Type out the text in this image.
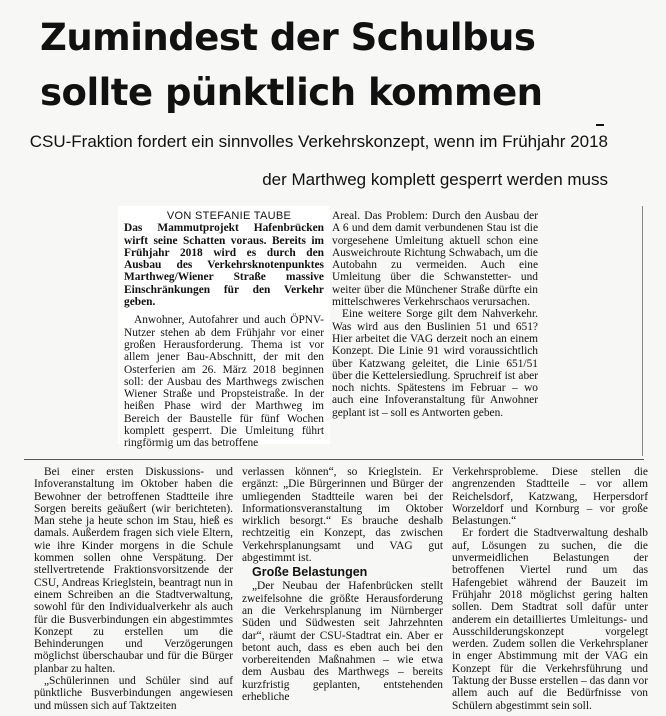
Zumindest der Schulbus
sollte pünktlich kommen

CSU-Fraktion fordert ein sinnvolles Verkehrskonzept, wenn im Frühjahr 2018

der Marthweg komplett gesperrt werden muss

VON STEFANIE TAUBE

Das Mammutprojekt Hafenbrücken wirft seine Schatten voraus. Bereits im Frühjahr 2018 wird es durch den Ausbau des Verkehrsknotenpunktes Marthweg/Wiener Straße massive Einschränkungen für den Verkehr geben.

Anwohner, Autofahrer und auch ÖPNV-Nutzer stehen ab dem Frühjahr vor einer großen Herausforderung. Thema ist vor allem jener Bau-Abschnitt, der mit den Osterferien am 26. März 2018 beginnen soll: der Ausbau des Marthwegs zwischen Wiener Straße und Propsteistraße. In der heißen Phase wird der Marthweg im Bereich der Baustelle für fünf Wochen komplett gesperrt. Die Umleitung führt ringförmig um das betroffene

Areal. Das Problem: Durch den Ausbau der A 6 und dem damit verbundenen Stau ist die vorgesehene Umleitung aktuell schon eine Ausweichroute Richtung Schwabach, um die Autobahn zu vermeiden. Auch eine Umleitung über die Schwanstetter- und weiter über die Münchener Straße dürfte ein mittelschweres Verkehrschaos verursachen.

Eine weitere Sorge gilt dem Nahverkehr. Was wird aus den Buslinien 51 und 651? Hier arbeitet die VAG derzeit noch an einem Konzept. Die Linie 91 wird voraussichtlich über Katzwang geleitet, die Linie 651/51 über die Kettelersiedlung. Spruchreif ist aber noch nichts. Spätestens im Februar – wo auch eine Infoveranstaltung für Anwohner geplant ist – soll es Antworten geben.

Bei einer ersten Diskussions- und Infoveranstaltung im Oktober haben die Bewohner der betroffenen Stadtteile ihre Sorgen bereits geäußert (wir berichteten). Man stehe ja heute schon im Stau, hieß es damals. Außerdem fragen sich viele Eltern, wie ihre Kinder morgens in die Schule kommen sollen ohne Verspätung. Der stellvertretende Fraktionsvorsitzende der CSU, Andreas Krieglstein, beantragt nun in einem Schreiben an die Stadtverwaltung, sowohl für den Individualverkehr als auch für die Busverbindungen ein abgestimmtes Konzept zu erstellen um die Behinderungen und Verzögerungen möglichst überschaubar und für die Bürger planbar zu halten.

„Schülerinnen und Schüler sind auf pünktliche Busverbindungen angewiesen und müssen sich auf Taktzeiten

verlassen können“, so Krieglstein. Er ergänzt: „Die Bürgerinnen und Bürger der umliegenden Stadtteile waren bei der Informationsveranstaltung im Oktober wirklich besorgt.“ Es brauche deshalb rechtzeitig ein Konzept, das zwischen Verkehrsplanungsamt und VAG gut abgestimmt ist.

Große Belastungen

„Der Neubau der Hafenbrücken stellt zweifelsohne die größte Herausforderung an die Verkehrsplanung im Nürnberger Süden und Südwesten seit Jahrzehnten dar“, räumt der CSU-Stadtrat ein. Aber er betont auch, dass es eben auch bei den vorbereitenden Maßnahmen – wie etwa dem Ausbau des Marthwegs – bereits kurzfristig geplanten, entstehenden erhebliche

Verkehrsprobleme. Diese stellen die angrenzenden Stadtteile – vor allem Reichelsdorf, Katzwang, Herpersdorf Worzeldorf und Kornburg – vor große Belastungen.“

Er fordert die Stadtverwaltung deshalb auf, Lösungen zu suchen, die die unvermeidlichen Belastungen der betroffenen Viertel rund um das Hafengebiet während der Bauzeit im Frühjahr 2018 möglichst gering halten sollen. Dem Stadtrat soll dafür unter anderem ein detailliertes Umleitungs- und Ausschilderungskonzept vorgelegt werden. Zudem sollen die Verkehrsplaner in enger Abstimmung mit der VAG ein Konzept für die Verkehrsführung und Taktung der Busse erstellen – das dann vor allem auch auf die Bedürfnisse von Schülern abgestimmt sein soll.
